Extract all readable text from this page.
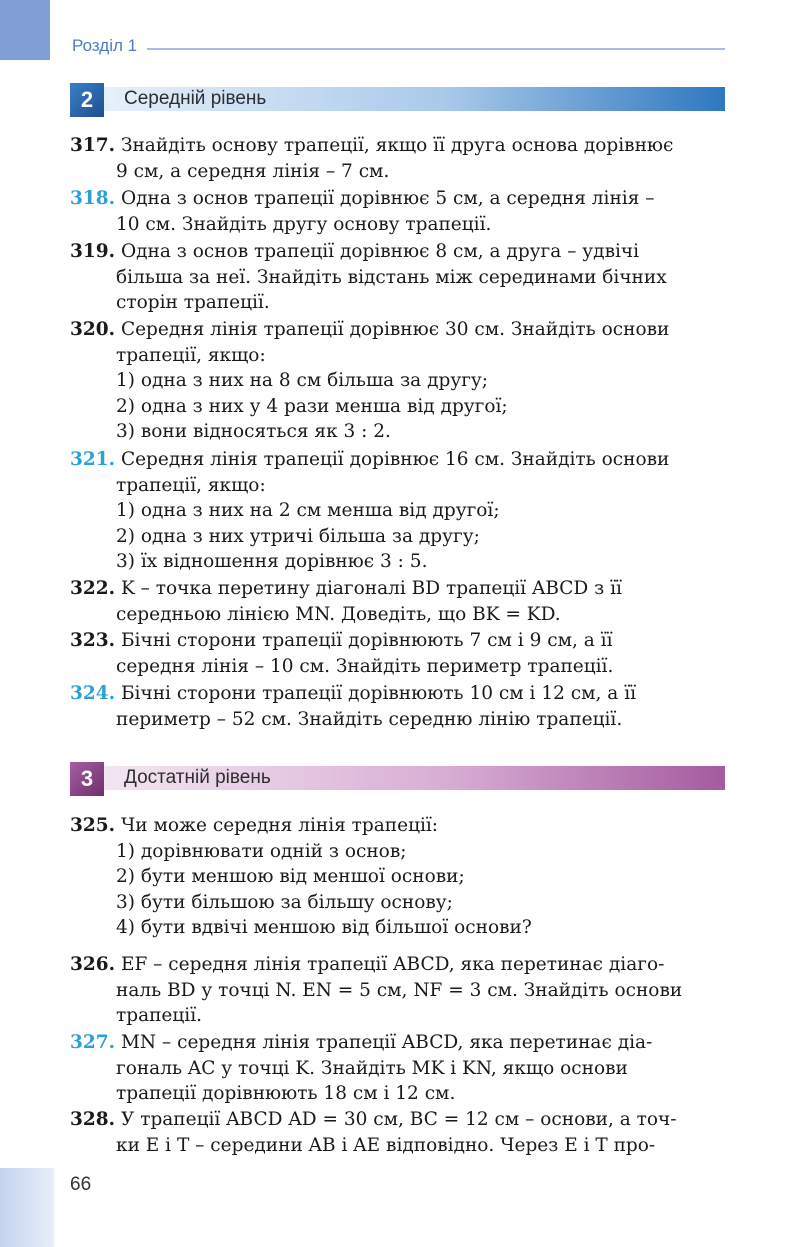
Розділ 1
2	Середній рівень
317. Знайдіть основу трапеції, якщо її друга основа дорівнює
9 см, а середня лінія – 7 см.
318. Одна з основ трапеції дорівнює 5 см, а середня лінія –
10 см. Знайдіть другу основу трапеції.
319. Одна з основ трапеції дорівнює 8 см, а друга – удвічі
більша за неї. Знайдіть відстань між серединами бічних
сторін трапеції.
320. Середня лінія трапеції дорівнює 30 см. Знайдіть основи
трапеції, якщо:
1) одна з них на 8 см більша за другу;
2) одна з них у 4 рази менша від другої;
3) вони відносяться як 3 : 2.
321. Середня лінія трапеції дорівнює 16 см. Знайдіть основи
трапеції, якщо:
1) одна з них на 2 см менша від другої;
2) одна з них утричі більша за другу;
3) їх відношення дорівнює 3 : 5.
322. K – точка перетину діагоналі BD трапеції ABCD з її
середньою лінією MN. Доведіть, що BK = KD.
323. Бічні сторони трапеції дорівнюють 7 см і 9 см, а її
середня лінія – 10 см. Знайдіть периметр трапеції.
324. Бічні сторони трапеції дорівнюють 10 см і 12 см, а її
периметр – 52 см. Знайдіть середню лінію трапеції.
3	Достатній рівень
325. Чи може середня лінія трапеції:
1) дорівнювати одній з основ;
2) бути меншою від меншої основи;
3) бути більшою за більшу основу;
4) бути вдвічі меншою від більшої основи?
326. EF – середня лінія трапеції ABCD, яка перетинає діаго-
наль BD у точці N. EN = 5 см, NF = 3 см. Знайдіть основи
трапеції.
327. MN – середня лінія трапеції ABCD, яка перетинає діа-
гональ AC у точці K. Знайдіть MK і KN, якщо основи
трапеції дорівнюють 18 см і 12 см.
328. У трапеції ABCD AD = 30 см, BC = 12 см – основи, а точ-
ки E і T – середини AB і AE відповідно. Через E і T про-
66
